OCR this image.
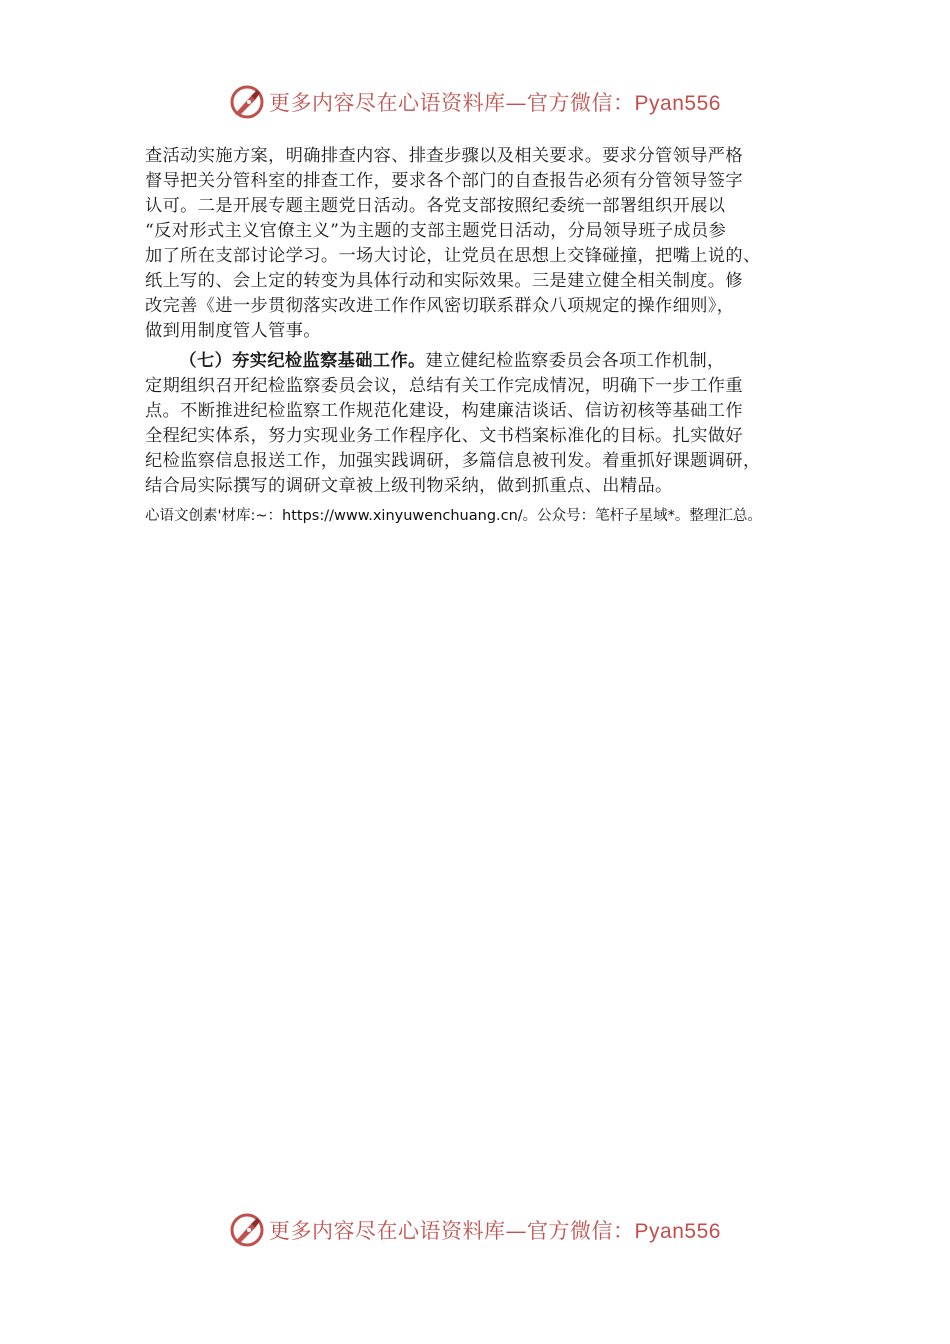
更多内容尽在心语资料库—官方微信：Pyan556

查活动实施方案，明确排查内容、排查步骤以及相关要求。要求分管领导严格
督导把关分管科室的排查工作，要求各个部门的自查报告必须有分管领导签字
认可。二是开展专题主题党日活动。各党支部按照纪委统一部署组织开展以
“反对形式主义官僚主义”为主题的支部主题党日活动，分局领导班子成员参
加了所在支部讨论学习。一场大讨论，让党员在思想上交锋碰撞，把嘴上说的、
纸上写的、会上定的转变为具体行动和实际效果。三是建立健全相关制度。修
改完善《进一步贯彻落实改进工作作风密切联系群众八项规定的操作细则》，
做到用制度管人管事。

（七）夯实纪检监察基础工作。建立健纪检监察委员会各项工作机制，
定期组织召开纪检监察委员会议，总结有关工作完成情况，明确下一步工作重
点。不断推进纪检监察工作规范化建设，构建廉洁谈话、信访初核等基础工作
全程纪实体系，努力实现业务工作程序化、文书档案标准化的目标。扎实做好
纪检监察信息报送工作，加强实践调研，多篇信息被刊发。着重抓好课题调研，
结合局实际撰写的调研文章被上级刊物采纳，做到抓重点、出精品。

心语文创素'材库:~：https://www.xinyuwenchuang.cn/。公众号：笔杆子星域*。整理汇总。
更多内容尽在心语资料库—官方微信：Pyan556
